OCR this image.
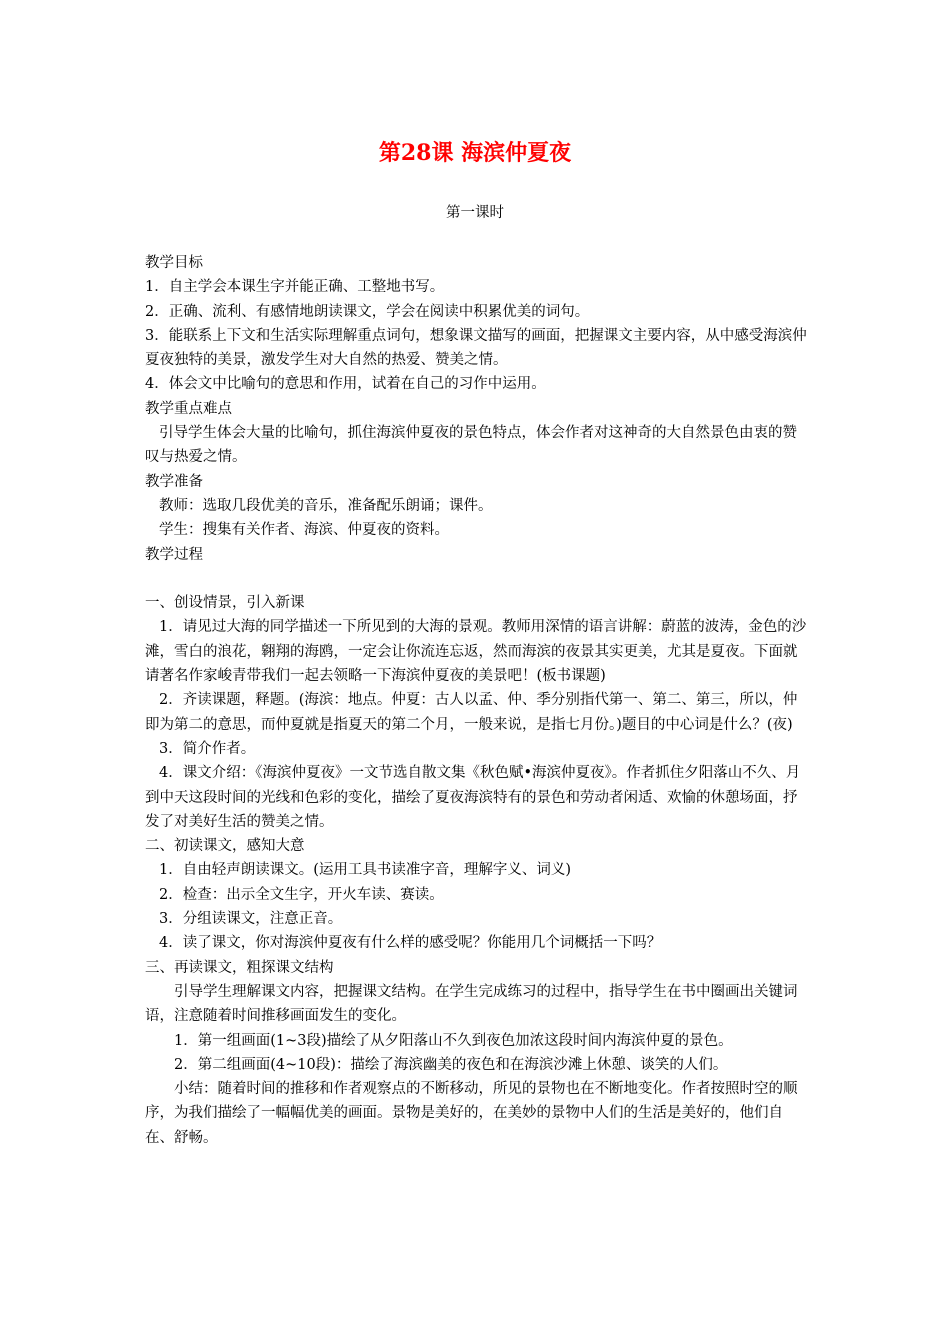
第28课 海滨仲夏夜
第一课时

教学目标

1．自主学会本课生字并能正确、工整地书写。

2．正确、流利、有感情地朗读课文，学会在阅读中积累优美的词句。

3．能联系上下文和生活实际理解重点词句，想象课文描写的画面，把握课文主要内容，从中感受海滨仲夏夜独特的美景，激发学生对大自然的热爱、赞美之情。

4．体会文中比喻句的意思和作用，试着在自己的习作中运用。

教学重点难点

引导学生体会大量的比喻句，抓住海滨仲夏夜的景色特点，体会作者对这神奇的大自然景色由衷的赞叹与热爱之情。

教学准备

教师：选取几段优美的音乐，准备配乐朗诵；课件。

学生：搜集有关作者、海滨、仲夏夜的资料。

教学过程

一、创设情景，引入新课

1．请见过大海的同学描述一下所见到的大海的景观。教师用深情的语言讲解：蔚蓝的波涛，金色的沙滩，雪白的浪花，翱翔的海鸥，一定会让你流连忘返，然而海滨的夜景其实更美，尤其是夏夜。下面就请著名作家峻青带我们一起去领略一下海滨仲夏夜的美景吧！(板书课题)

2．齐读课题，释题。(海滨：地点。仲夏：古人以孟、仲、季分别指代第一、第二、第三，所以，仲即为第二的意思，而仲夏就是指夏天的第二个月，一般来说，是指七月份。)题目的中心词是什么？(夜)

3．简介作者。

4．课文介绍：《海滨仲夏夜》一文节选自散文集《秋色赋•海滨仲夏夜》。作者抓住夕阳落山不久、月到中天这段时间的光线和色彩的变化，描绘了夏夜海滨特有的景色和劳动者闲适、欢愉的休憩场面，抒发了对美好生活的赞美之情。

二、初读课文，感知大意

1．自由轻声朗读课文。(运用工具书读准字音，理解字义、词义)

2．检查：出示全文生字，开火车读、赛读。

3．分组读课文，注意正音。

4．读了课文，你对海滨仲夏夜有什么样的感受呢？你能用几个词概括一下吗？

三、再读课文，粗探课文结构

引导学生理解课文内容，把握课文结构。在学生完成练习的过程中，指导学生在书中圈画出关键词语，注意随着时间推移画面发生的变化。

1．第一组画面(1~3段)描绘了从夕阳落山不久到夜色加浓这段时间内海滨仲夏的景色。

2．第二组画面(4~10段)：描绘了海滨幽美的夜色和在海滨沙滩上休憩、谈笑的人们。

小结：随着时间的推移和作者观察点的不断移动，所见的景物也在不断地变化。作者按照时空的顺序，为我们描绘了一幅幅优美的画面。景物是美好的，在美妙的景物中人们的生活是美好的，他们自在、舒畅。
